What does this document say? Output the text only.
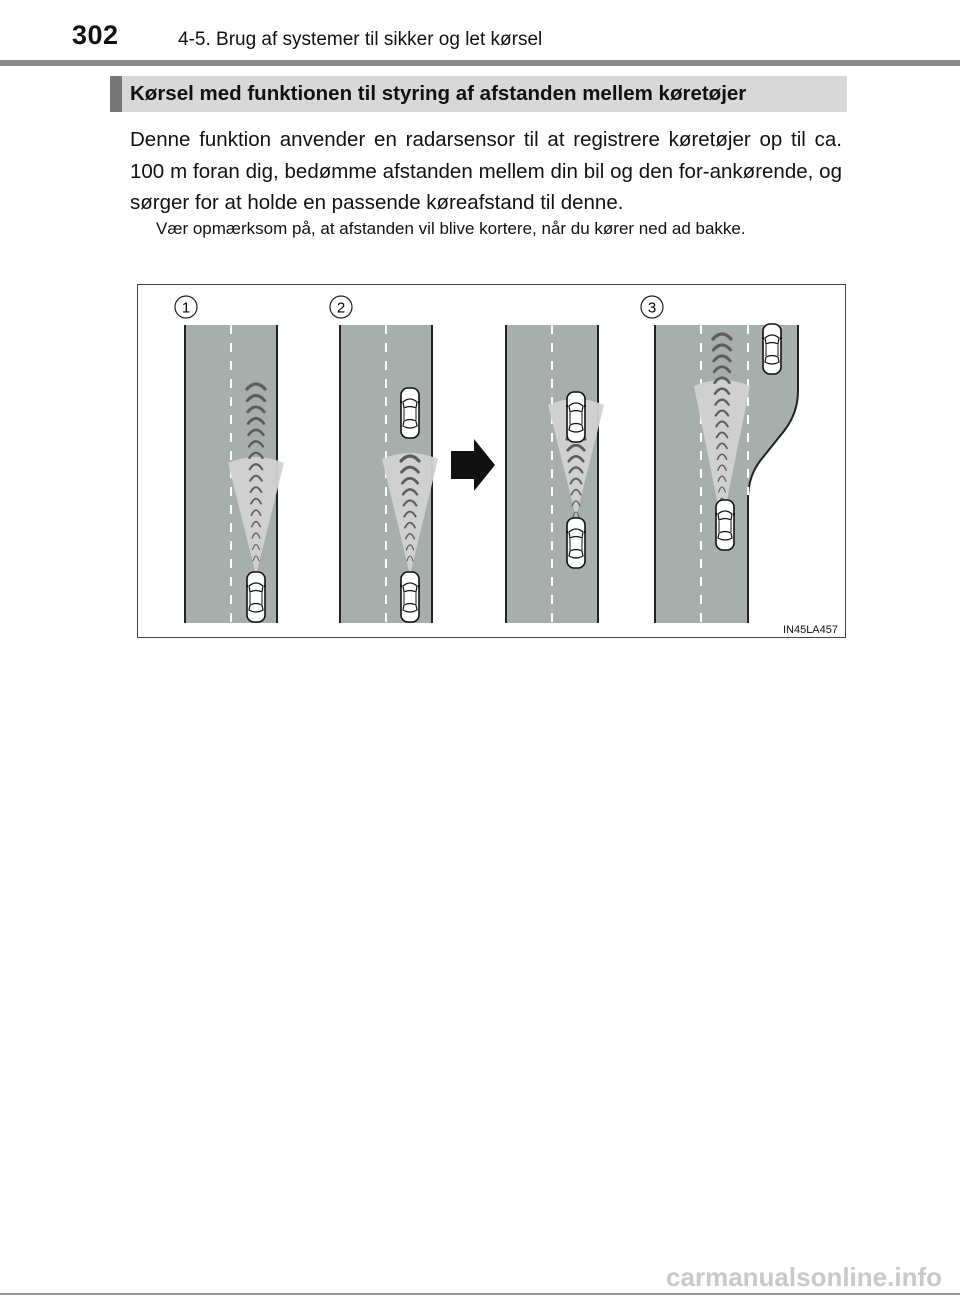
302	4-5. Brug af systemer til sikker og let kørsel
Kørsel med funktionen til styring af afstanden mellem køretøjer
Denne funktion anvender en radarsensor til at registrere køretøjer op til ca. 100 m foran dig, bedømme afstanden mellem din bil og den for-ankørende, og sørger for at holde en passende køreafstand til denne.
Vær opmærksom på, at afstanden vil blive kortere, når du kører ned ad bakke.
1	2	3
IN45LA457
carmanualsonline.info
